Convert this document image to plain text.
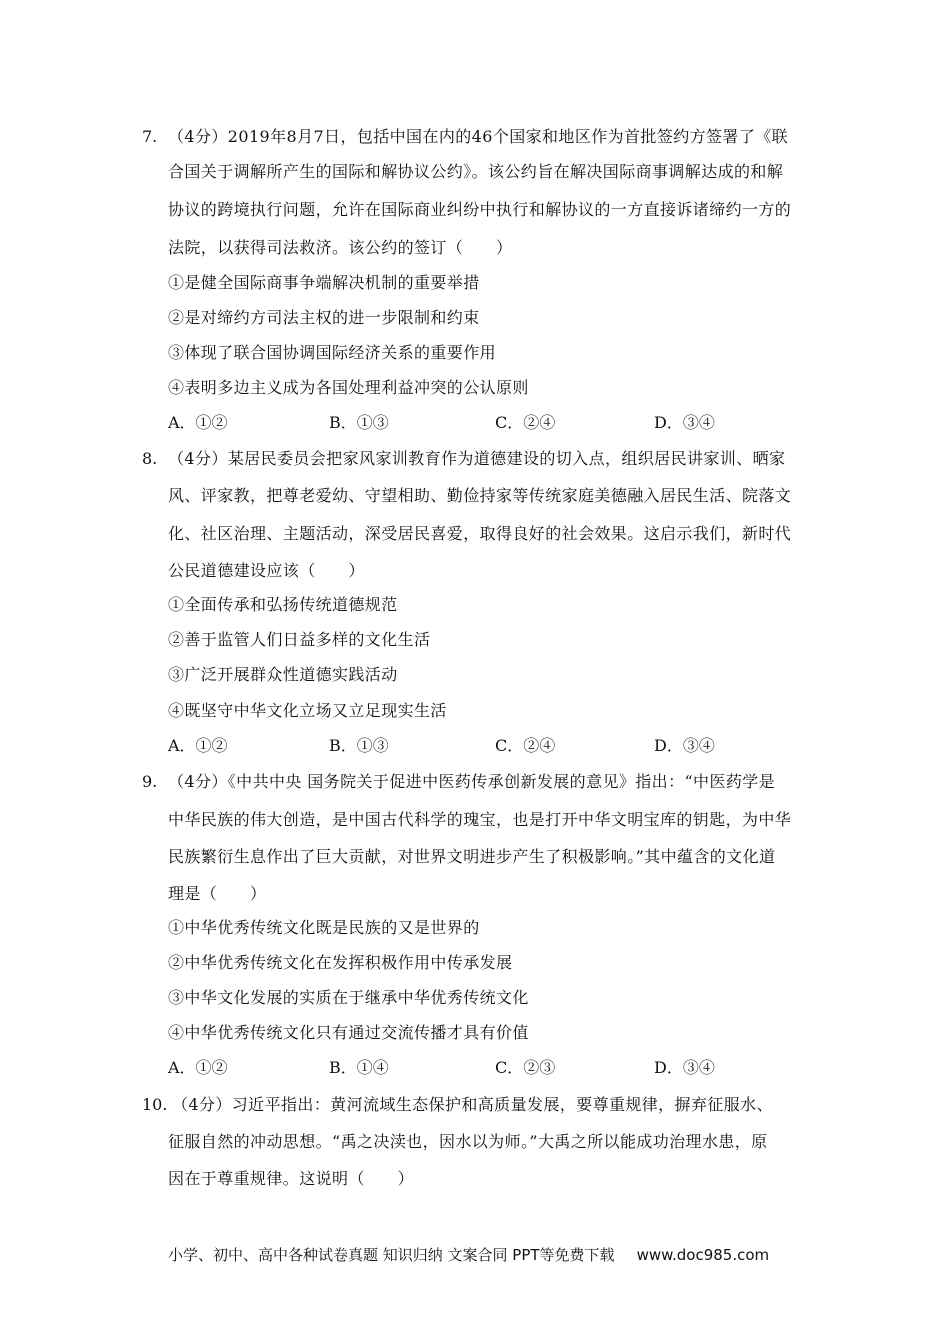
7. （4分）2019年8月7日，包括中国在内的46个国家和地区作为首批签约方签署了《联
合国关于调解所产生的国际和解协议公约》。该公约旨在解决国际商事调解达成的和解
协议的跨境执行问题，允许在国际商业纠纷中执行和解协议的一方直接诉诸缔约一方的
法院，以获得司法救济。该公约的签订（　　）
①是健全国际商事争端解决机制的重要举措
②是对缔约方司法主权的进一步限制和约束
③体现了联合国协调国际经济关系的重要作用
④表明多边主义成为各国处理利益冲突的公认原则
A．①②	B．①③	C．②④	D．③④
8. （4分）某居民委员会把家风家训教育作为道德建设的切入点，组织居民讲家训、晒家
风、评家教，把尊老爱幼、守望相助、勤俭持家等传统家庭美德融入居民生活、院落文
化、社区治理、主题活动，深受居民喜爱，取得良好的社会效果。这启示我们，新时代
公民道德建设应该（　　）
①全面传承和弘扬传统道德规范
②善于监管人们日益多样的文化生活
③广泛开展群众性道德实践活动
④既坚守中华文化立场又立足现实生活
A．①②	B．①③	C．②④	D．③④
9. （4分）《中共中央 国务院关于促进中医药传承创新发展的意见》指出：“中医药学是
中华民族的伟大创造，是中国古代科学的瑰宝，也是打开中华文明宝库的钥匙，为中华
民族繁衍生息作出了巨大贡献，对世界文明进步产生了积极影响。”其中蕴含的文化道
理是（　　）
①中华优秀传统文化既是民族的又是世界的
②中华优秀传统文化在发挥积极作用中传承发展
③中华文化发展的实质在于继承中华优秀传统文化
④中华优秀传统文化只有通过交流传播才具有价值
A．①②	B．①④	C．②③	D．③④
10. （4分）习近平指出：黄河流域生态保护和高质量发展，要尊重规律，摒弃征服水、
征服自然的冲动思想。“禹之决渎也，因水以为师。”大禹之所以能成功治理水患，原
因在于尊重规律。这说明（　　）
小学、初中、高中各种试卷真题 知识归纳 文案合同 PPT等免费下载 www.doc985.com
